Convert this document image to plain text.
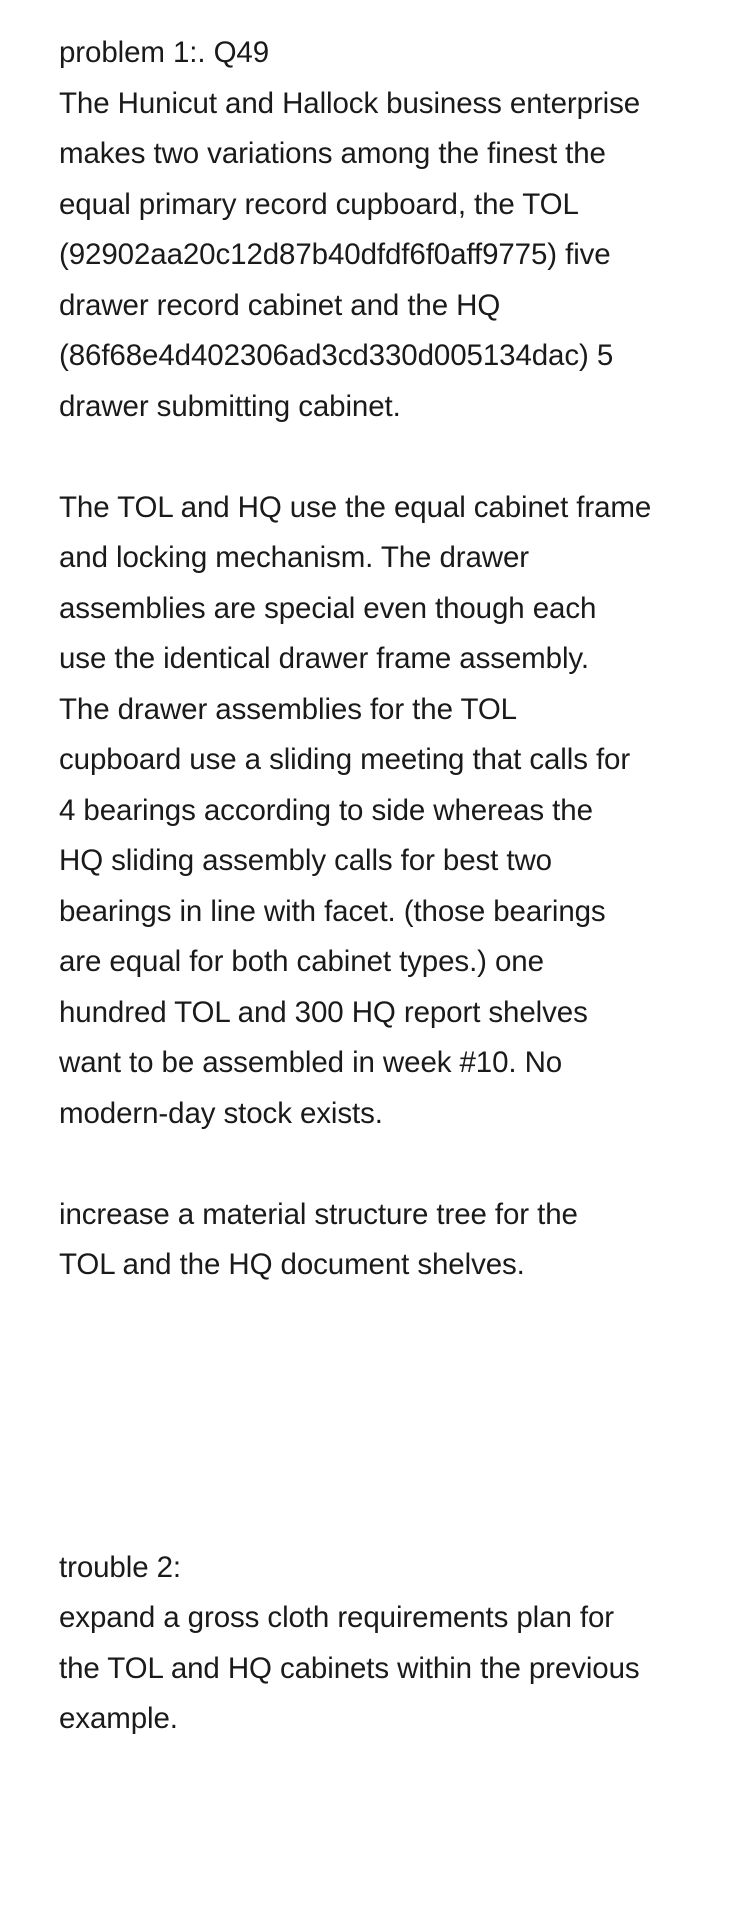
problem 1:. Q49
The Hunicut and Hallock business enterprise
makes two variations among the finest the
equal primary record cupboard, the TOL
(92902aa20c12d87b40dfdf6f0aff9775) five
drawer record cabinet and the HQ
(86f68e4d402306ad3cd330d005134dac) 5
drawer submitting cabinet.
The TOL and HQ use the equal cabinet frame
and locking mechanism. The drawer
assemblies are special even though each
use the identical drawer frame assembly.
The drawer assemblies for the TOL
cupboard use a sliding meeting that calls for
4 bearings according to side whereas the
HQ sliding assembly calls for best two
bearings in line with facet. (those bearings
are equal for both cabinet types.) one
hundred TOL and 300 HQ report shelves
want to be assembled in week #10. No
modern-day stock exists.
increase a material structure tree for the
TOL and the HQ document shelves.
trouble 2:
expand a gross cloth requirements plan for
the TOL and HQ cabinets within the previous
example.
